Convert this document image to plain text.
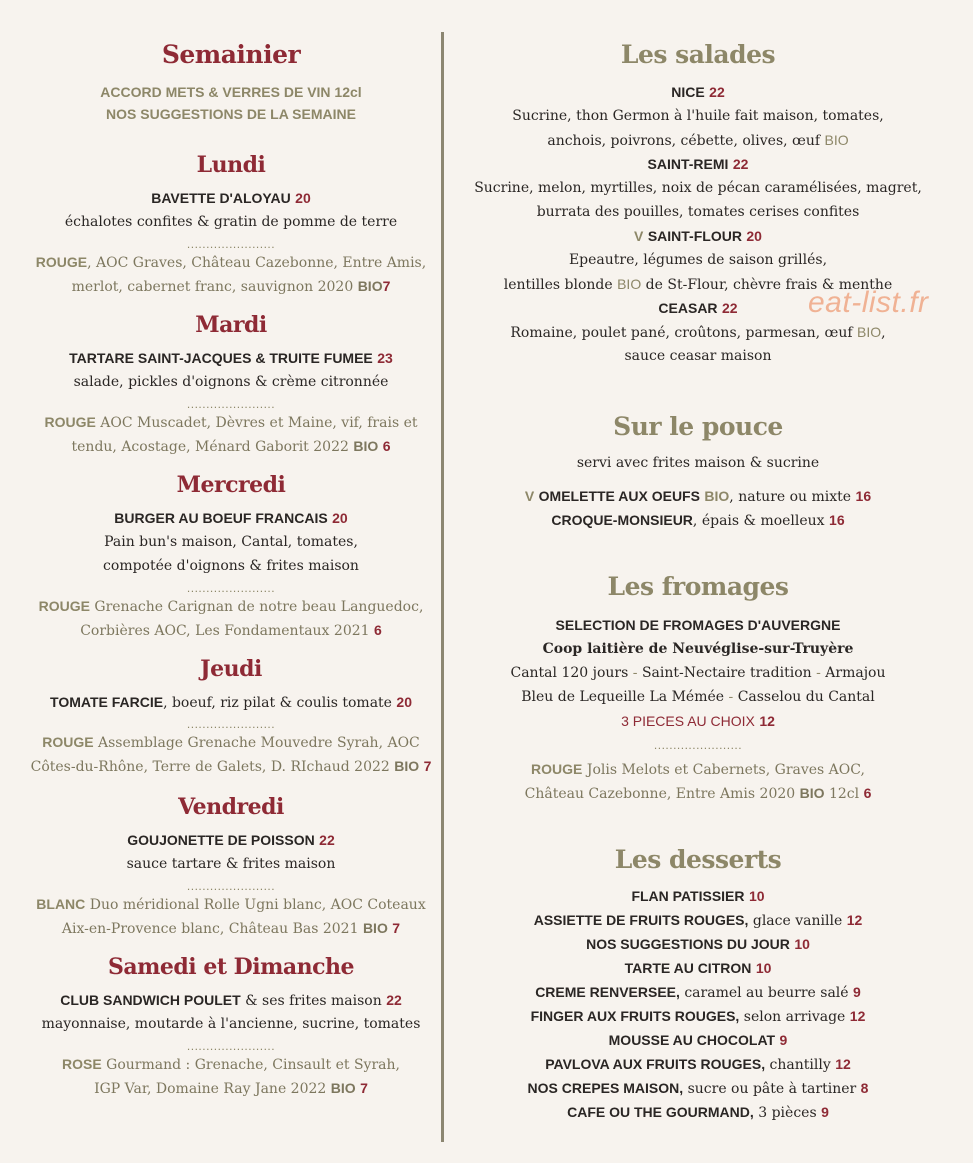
Semainier
ACCORD METS & VERRES DE VIN 12cl
NOS SUGGESTIONS DE LA SEMAINE
Lundi
BAVETTE D'ALOYAU 20
échalotes confites & gratin de pomme de terre
.......................
ROUGE, AOC Graves, Château Cazebonne, Entre Amis,
merlot, cabernet franc, sauvignon 2020 BIO7
Mardi
TARTARE SAINT-JACQUES & TRUITE FUMEE 23
salade, pickles d'oignons & crème citronnée
.......................
ROUGE AOC Muscadet, Dèvres et Maine, vif, frais et
tendu, Acostage, Ménard Gaborit 2022 BIO 6
Mercredi
BURGER AU BOEUF FRANCAIS 20
Pain bun's maison, Cantal, tomates,
compotée d'oignons & frites maison
.......................
ROUGE Grenache Carignan de notre beau Languedoc,
Corbières AOC, Les Fondamentaux 2021 6
Jeudi
TOMATE FARCIE, boeuf, riz pilat & coulis tomate 20
.......................
ROUGE Assemblage Grenache Mouvedre Syrah, AOC
Côtes-du-Rhône, Terre de Galets, D. RIchaud 2022 BIO 7
Vendredi
GOUJONETTE DE POISSON 22
sauce tartare & frites maison
.......................
BLANC Duo méridional Rolle Ugni blanc, AOC Coteaux
Aix-en-Provence blanc, Château Bas 2021 BIO 7
Samedi et Dimanche
CLUB SANDWICH POULET & ses frites maison 22
mayonnaise, moutarde à l'ancienne, sucrine, tomates
.......................
ROSE Gourmand : Grenache, Cinsault et Syrah,
IGP Var, Domaine Ray Jane 2022 BIO 7
Les salades
NICE 22
Sucrine, thon Germon à l'huile fait maison, tomates,
anchois, poivrons, cébette, olives, œuf BIO
SAINT-REMI 22
Sucrine, melon, myrtilles, noix de pécan caramélisées, magret,
burrata des pouilles, tomates cerises confites
V SAINT-FLOUR 20
Epeautre, légumes de saison grillés,
lentilles blonde BIO de St-Flour, chèvre frais & menthe
CEASAR 22
Romaine, poulet pané, croûtons, parmesan, œuf BIO,
sauce ceasar maison
Sur le pouce
servi avec frites maison & sucrine
V OMELETTE AUX OEUFS BIO, nature ou mixte 16
CROQUE-MONSIEUR, épais & moelleux 16
Les fromages
SELECTION DE FROMAGES D'AUVERGNE
Coop laitière de Neuvéglise-sur-Truyère
Cantal 120 jours - Saint-Nectaire tradition - Armajou
Bleu de Lequeille La Mémée - Casselou du Cantal
3 PIECES AU CHOIX 12
.......................
ROUGE Jolis Melots et Cabernets, Graves AOC,
Château Cazebonne, Entre Amis 2020 BIO 12cl 6
Les desserts
FLAN PATISSIER 10
ASSIETTE DE FRUITS ROUGES, glace vanille 12
NOS SUGGESTIONS DU JOUR 10
TARTE AU CITRON 10
CREME RENVERSEE, caramel au beurre salé 9
FINGER AUX FRUITS ROUGES, selon arrivage 12
MOUSSE AU CHOCOLAT 9
PAVLOVA AUX FRUITS ROUGES, chantilly 12
NOS CREPES MAISON, sucre ou pâte à tartiner 8
CAFE OU THE GOURMAND, 3 pièces 9
eat-list.fr
